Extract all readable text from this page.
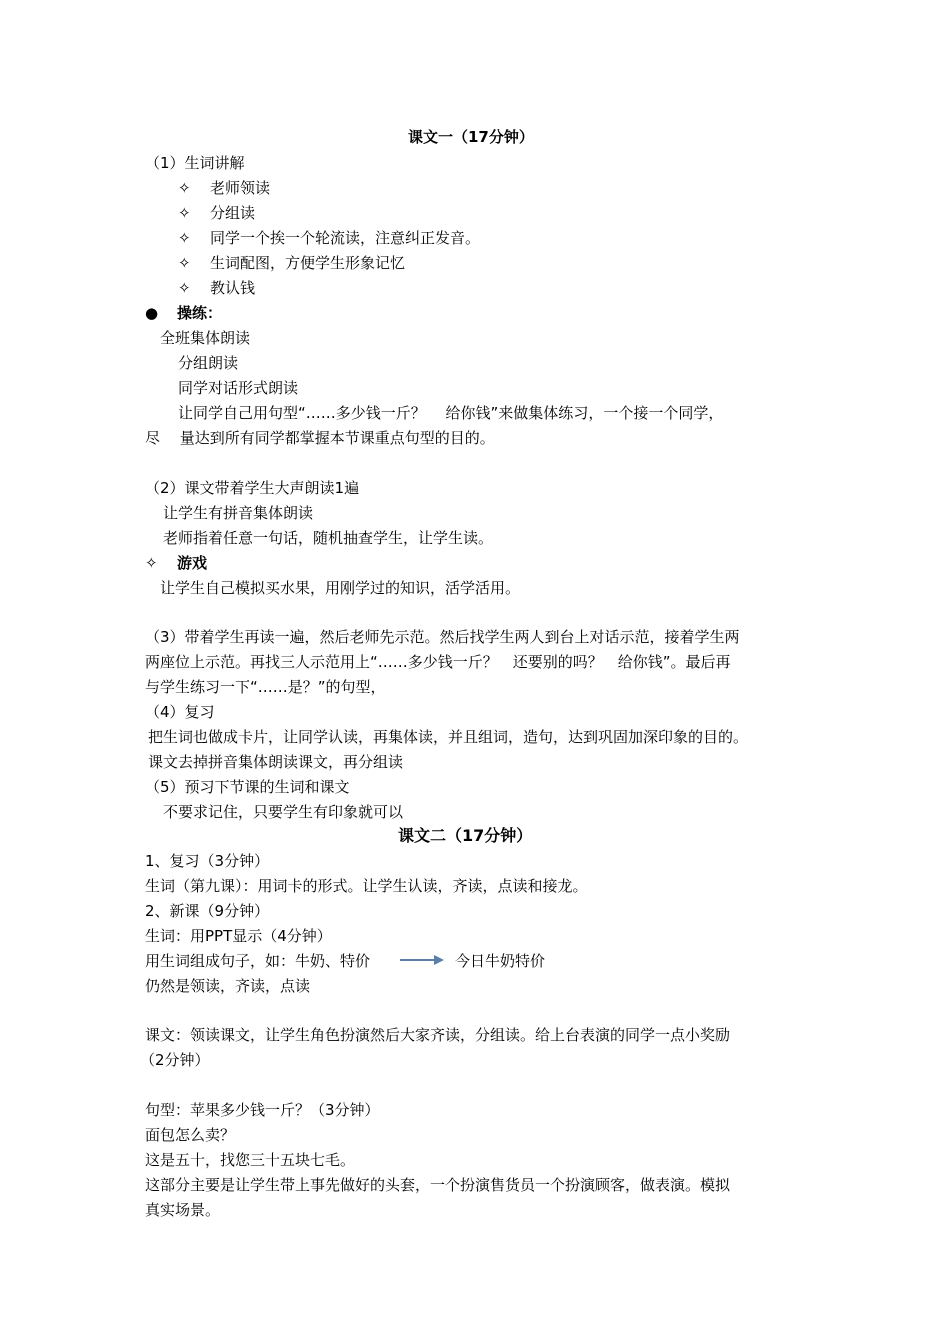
课文一（17分钟）
（1）生词讲解
✧ 老师领读
✧ 分组读
✧ 同学一个挨一个轮流读，注意纠正发音。
✧ 生词配图，方便学生形象记忆
✧ 教认钱
● 操练：
全班集体朗读
分组朗读
同学对话形式朗读
让同学自己用句型“……多少钱一斤？　 给你钱”来做集体练习，一个接一个同学，
尽　 量达到所有同学都掌握本节课重点句型的目的。
（2）课文带着学生大声朗读1遍
让学生有拼音集体朗读
老师指着任意一句话，随机抽查学生，让学生读。
✧ 游戏
让学生自己模拟买水果，用刚学过的知识，活学活用。
（3）带着学生再读一遍，然后老师先示范。然后找学生两人到台上对话示范，接着学生两
两座位上示范。再找三人示范用上“……多少钱一斤？　还要别的吗？　给你钱”。最后再
与学生练习一下“……是？”的句型，
（4）复习
把生词也做成卡片，让同学认读，再集体读，并且组词，造句，达到巩固加深印象的目的。
课文去掉拼音集体朗读课文，再分组读
（5）预习下节课的生词和课文
不要求记住，只要学生有印象就可以
课文二（17分钟）
1、复习（3分钟）
生词（第九课）：用词卡的形式。让学生认读，齐读，点读和接龙。
2、新课（9分钟）
生词：用PPT显示（4分钟）
用生词组成句子，如：牛奶、特价	今日牛奶特价
仍然是领读，齐读，点读
课文：领读课文，让学生角色扮演然后大家齐读，分组读。给上台表演的同学一点小奖励
（2分钟）
句型：苹果多少钱一斤？（3分钟）
面包怎么卖？
这是五十，找您三十五块七毛。
这部分主要是让学生带上事先做好的头套，一个扮演售货员一个扮演顾客，做表演。模拟
真实场景。
